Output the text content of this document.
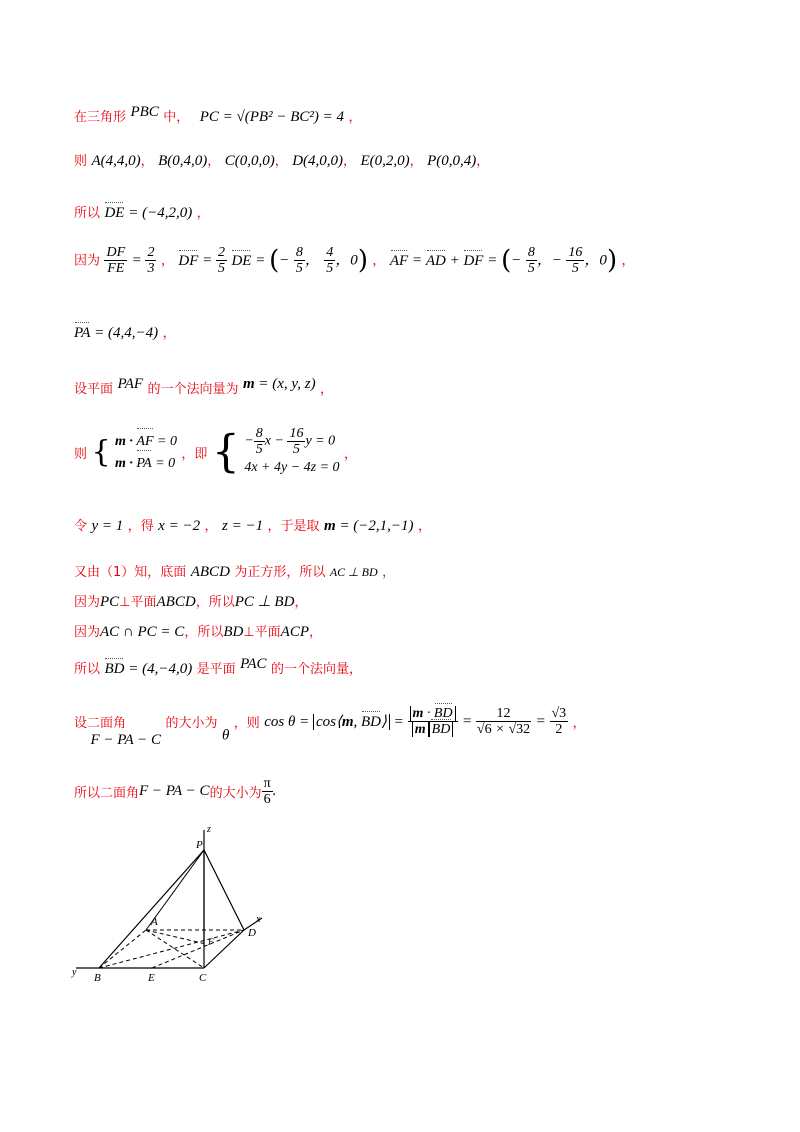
在三角形 PBC 中， PC = √(PB² − BC²) = 4 ，
则 A(4,4,0)， B(0,4,0)， C(0,0,0)， D(4,0,0)， E(0,2,0)， P(0,0,4)，
所以 DE = (−4,2,0) ，
因为 $\frac{DF}{FE} = \frac{2}{3}$ ， DF = $\frac{2}{5}$ DE = (− $\frac{8}{5}$ ， $\frac{4}{5}$ ，0) ， AF = AD + DF = (− $\frac{8}{5}$ ，− $\frac{16}{5}$ ，0) ，
PA = (4,4,−4) ，
设平面 PAF 的一个法向量为 m = (x, y, z) ，
则 { m · AF = 0
m · PA = 0
，即 { − $\frac{8}{5}$ $x - \frac{16}{5}$ y = 0
4x + 4y − 4z = 0
，
令 y = 1 ，得 x = −2 ， z = −1 ，于是取 m = (−2,1,−1) ，
又由（1）知，底面 ABCD 为正方形，所以 AC ⊥ BD ，
因为PC⊥平面ABCD，所以PC ⊥ BD，
因为AC ∩ PC = C，所以BD⊥平面ACP，
所以 BD = (4,−4,0) 是平面 PAC 的一个法向量，
设二面角 F − PA − C 的大小为 θ ，则 cos θ = cos⟨m, BD⟩ = $\frac{m \cdot BD}{\text{m BD}} = \frac{12}{√6 \times √32} = \frac{√3}{2}$ ，
所以二面角F − PA − C的大小为 $\frac{\pi}{6}$ .
P
A
D
F
B	E	C
x
y
z
